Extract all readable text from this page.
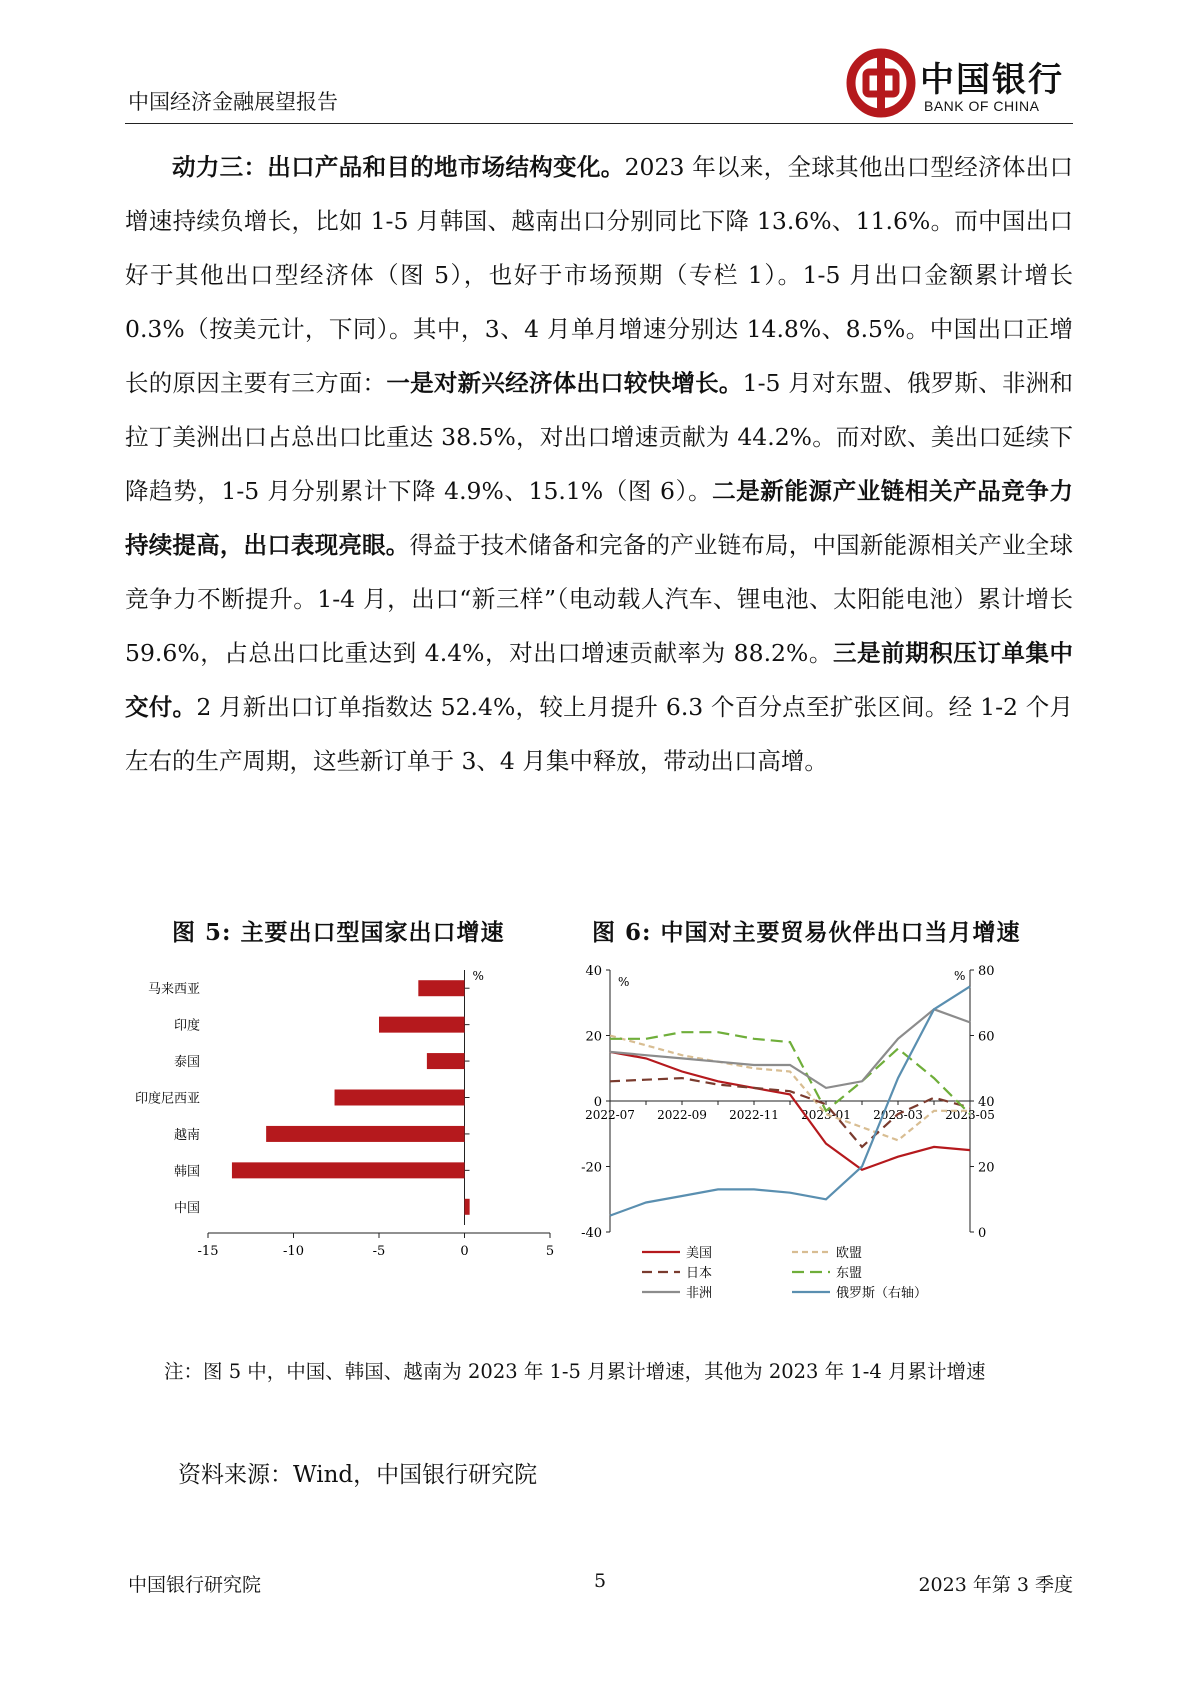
中国经济金融展望报告
中国银行
BANK OF CHINA
动力三：出口产品和目的地市场结构变化。2023 年以来，全球其他出口型经济体出口增速持续负增长，比如 1-5 月韩国、越南出口分别同比下降 13.6%、11.6%。而中国出口好于其他出口型经济体（图 5），也好于市场预期（专栏 1）。1-5 月出口金额累计增长 0.3%（按美元计，下同）。其中，3、4 月单月增速分别达 14.8%、8.5%。中国出口正增长的原因主要有三方面：一是对新兴经济体出口较快增长。1-5 月对东盟、俄罗斯、非洲和拉丁美洲出口占总出口比重达 38.5%，对出口增速贡献为 44.2%。而对欧、美出口延续下降趋势，1-5 月分别累计下降 4.9%、15.1%（图 6）。二是新能源产业链相关产品竞争力持续提高，出口表现亮眼。得益于技术储备和完备的产业链布局，中国新能源相关产业全球竞争力不断提升。1-4 月，出口“新三样”（电动载人汽车、锂电池、太阳能电池）累计增长 59.6%，占总出口比重达到 4.4%，对出口增速贡献率为 88.2%。三是前期积压订单集中交付。2 月新出口订单指数达 52.4%，较上月提升 6.3 个百分点至扩张区间。经 1-2 个月左右的生产周期，这些新订单于 3、4 月集中释放，带动出口高增。
图 5: 主要出口型国家出口增速	图 6: 中国对主要贸易伙伴出口当月增速
%
-15	-10	-5	0	5
马来西亚
印度
泰国
印度尼西亚
越南
韩国
中国
40
20
0
-20
-40
80
60
40
20
0
%	%
2022-07 2022-09 2022-11 2023-01 2023-03 2023-05
美国	欧盟
日本	东盟
非洲	俄罗斯（右轴）
注：图 5 中，中国、韩国、越南为 2023 年 1-5 月累计增速，其他为 2023 年 1-4 月累计增速
资料来源：Wind，中国银行研究院
中国银行研究院	5	2023 年第 3 季度
